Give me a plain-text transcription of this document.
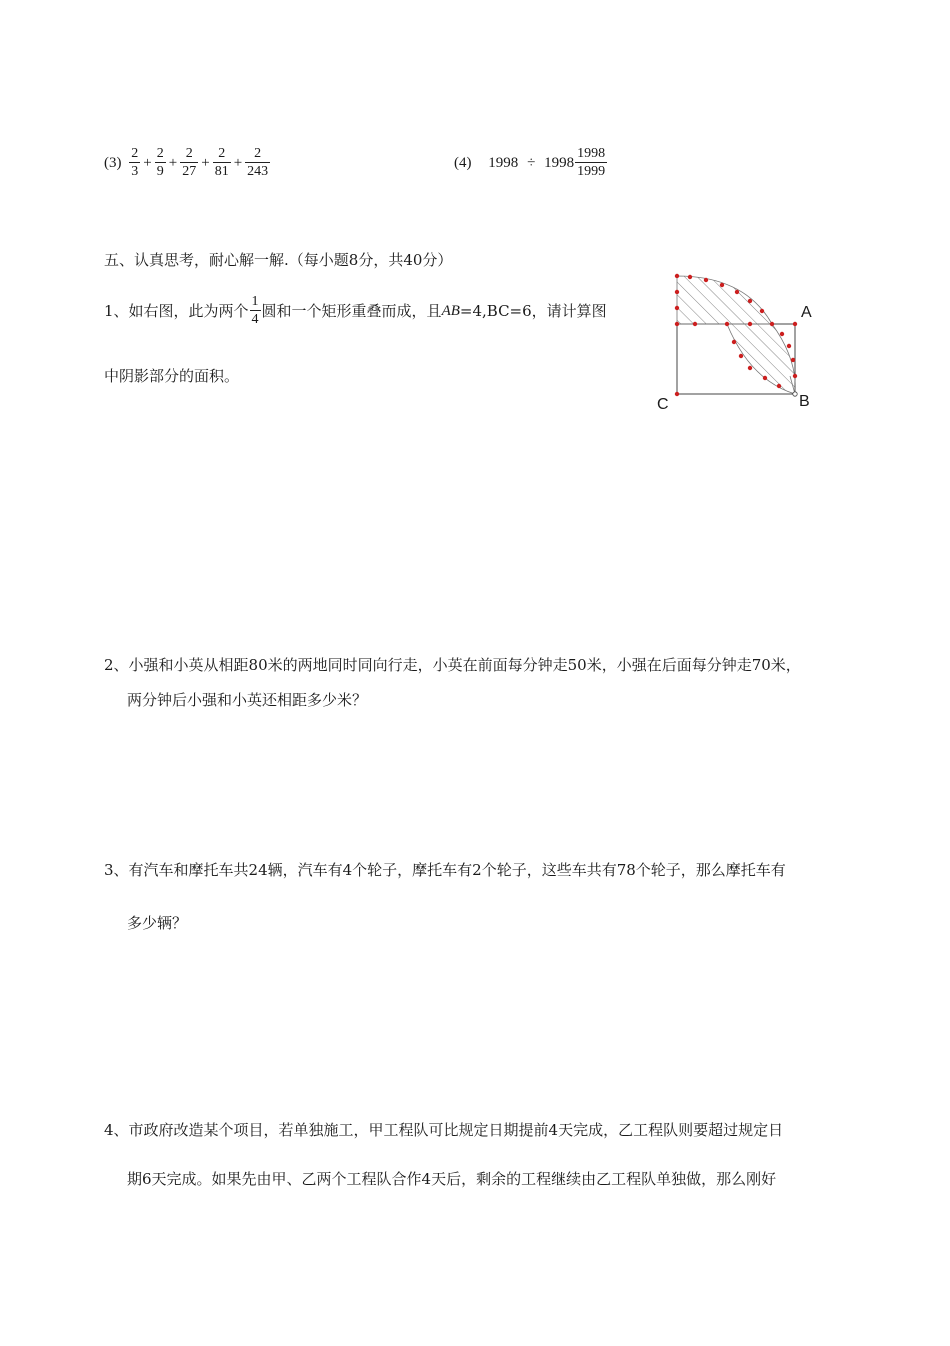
$(3) \frac{2}{3} + \frac{2}{9} + \frac{2}{27} + \frac{2}{81} + \frac{2}{243}$	(4) $1998 \div 1998 \frac{1998}{1999}$
五、认真思考，耐心解一解.（每小题8分，共40分）
1、如右图，此为两个 $\frac{1}{4}$ 圆和一个矩形重叠而成，且 AB =4,BC=6，请计算图
中阴影部分的面积。
A
B
C
2、小强和小英从相距80米的两地同时同向行走，小英在前面每分钟走50米，小强在后面每分钟走70米，
两分钟后小强和小英还相距多少米？
3、有汽车和摩托车共24辆，汽车有4个轮子，摩托车有2个轮子，这些车共有78个轮子，那么摩托车有
多少辆？
4、市政府改造某个项目，若单独施工，甲工程队可比规定日期提前4天完成，乙工程队则要超过规定日
期6天完成。如果先由甲、乙两个工程队合作4天后，剩余的工程继续由乙工程队单独做，那么刚好
